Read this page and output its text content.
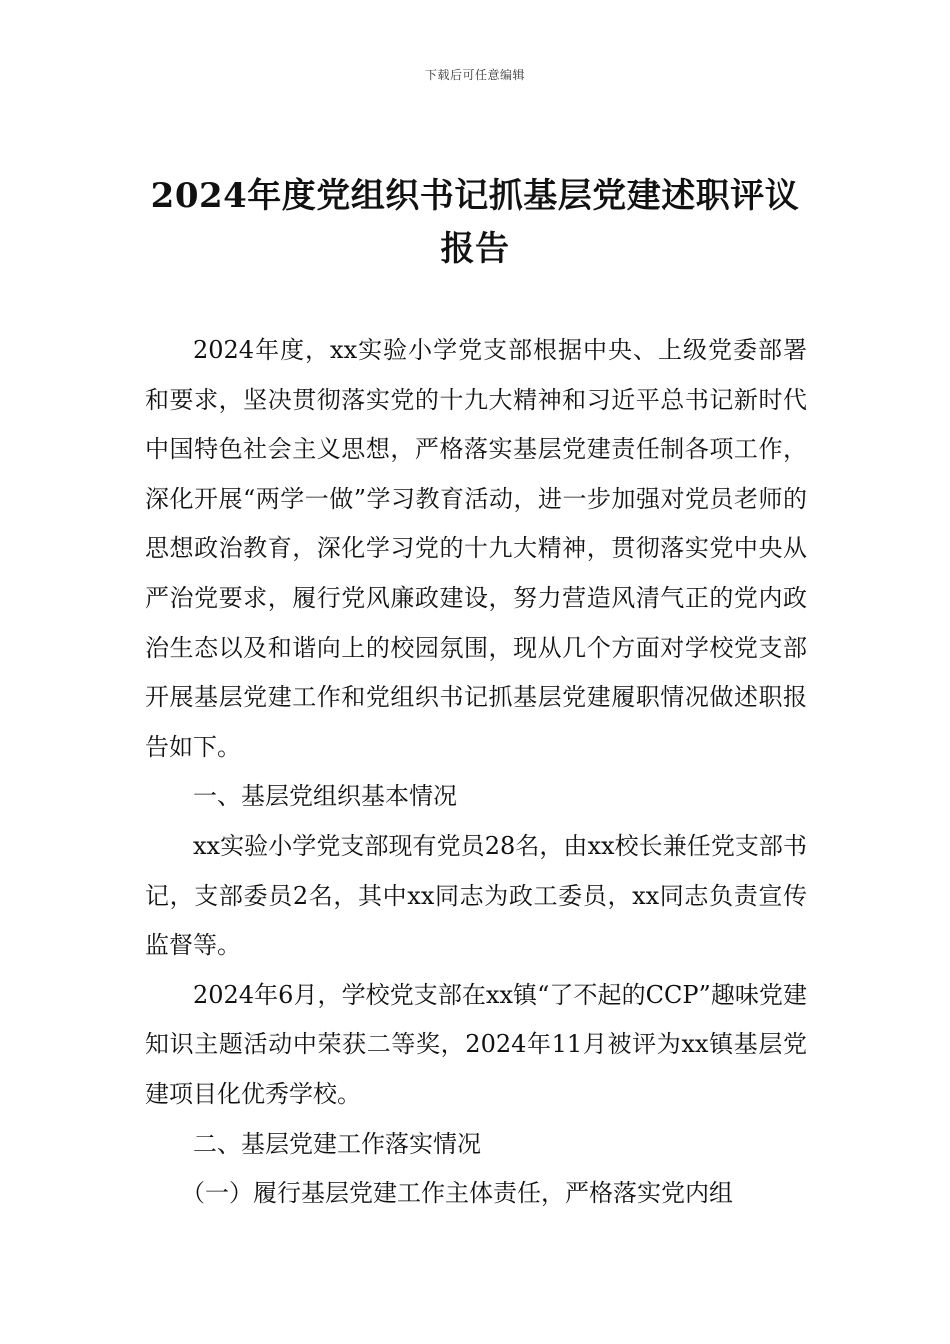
下载后可任意编辑
2024年度党组织书记抓基层党建述职评议报告

2024年度，xx实验小学党支部根据中央、上级党委部署和要求，坚决贯彻落实党的十九大精神和习近平总书记新时代中国特色社会主义思想，严格落实基层党建责任制各项工作，深化开展“两学一做”学习教育活动，进一步加强对党员老师的思想政治教育，深化学习党的十九大精神，贯彻落实党中央从严治党要求，履行党风廉政建设，努力营造风清气正的党内政治生态以及和谐向上的校园氛围，现从几个方面对学校党支部开展基层党建工作和党组织书记抓基层党建履职情况做述职报告如下。

一、基层党组织基本情况

xx实验小学党支部现有党员28名，由xx校长兼任党支部书记，支部委员2名，其中xx同志为政工委员，xx同志负责宣传监督等。

2024年6月，学校党支部在xx镇“了不起的CCP”趣味党建知识主题活动中荣获二等奖，2024年11月被评为xx镇基层党建项目化优秀学校。

二、基层党建工作落实情况

（一）履行基层党建工作主体责任，严格落实党内组
